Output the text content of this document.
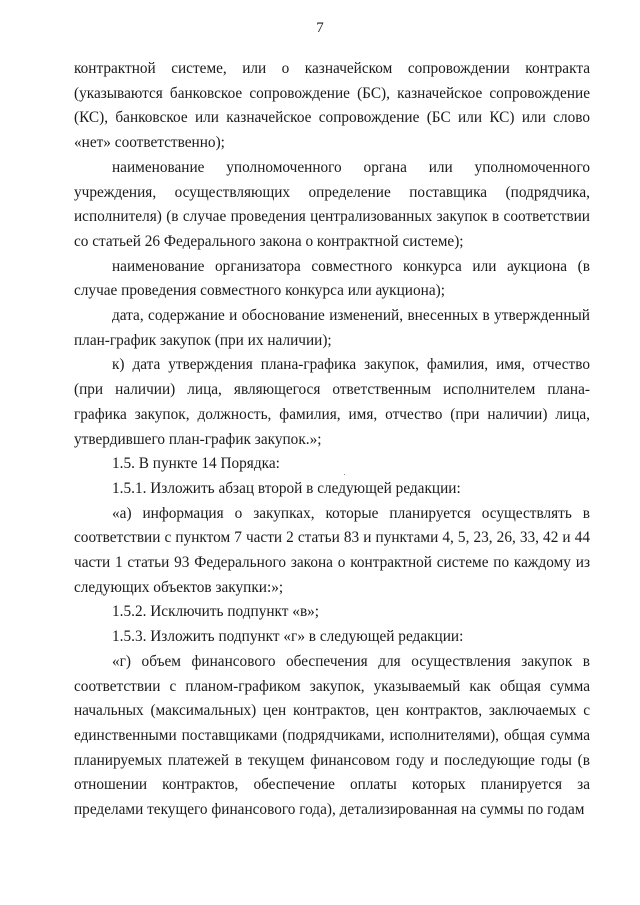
7

контрактной системе, или о казначейском сопровождении контракта (указываются банковское сопровождение (БС), казначейское сопровождение (КС), банковское или казначейское сопровождение (БС или КС) или слово «нет» соответственно);

наименование уполномоченного органа или уполномоченного учреждения, осуществляющих определение поставщика (подрядчика, исполнителя) (в случае проведения централизованных закупок в соответствии со статьей 26 Федерального закона о контрактной системе);

наименование организатора совместного конкурса или аукциона (в случае проведения совместного конкурса или аукциона);

дата, содержание и обоснование изменений, внесенных в утвержденный план-график закупок (при их наличии);

к) дата утверждения плана-графика закупок, фамилия, имя, отчество (при наличии) лица, являющегося ответственным исполнителем плана-графика закупок, должность, фамилия, имя, отчество (при наличии) лица, утвердившего план-график закупок.»;

1.5. В пункте 14 Порядка:

1.5.1. Изложить абзац второй в следующей редакции:

«а) информация о закупках, которые планируется осуществлять в соответствии с пунктом 7 части 2 статьи 83 и пунктами 4, 5, 23, 26, 33, 42 и 44 части 1 статьи 93 Федерального закона о контрактной системе по каждому из следующих объектов закупки:»;

1.5.2. Исключить подпункт «в»;

1.5.3. Изложить подпункт «г» в следующей редакции:

«г) объем финансового обеспечения для осуществления закупок в соответствии с планом-графиком закупок, указываемый как общая сумма начальных (максимальных) цен контрактов, цен контрактов, заключаемых с единственными поставщиками (подрядчиками, исполнителями), общая сумма планируемых платежей в текущем финансовом году и последующие годы (в отношении контрактов, обеспечение оплаты которых планируется за пределами текущего финансового года), детализированная на суммы по годам
